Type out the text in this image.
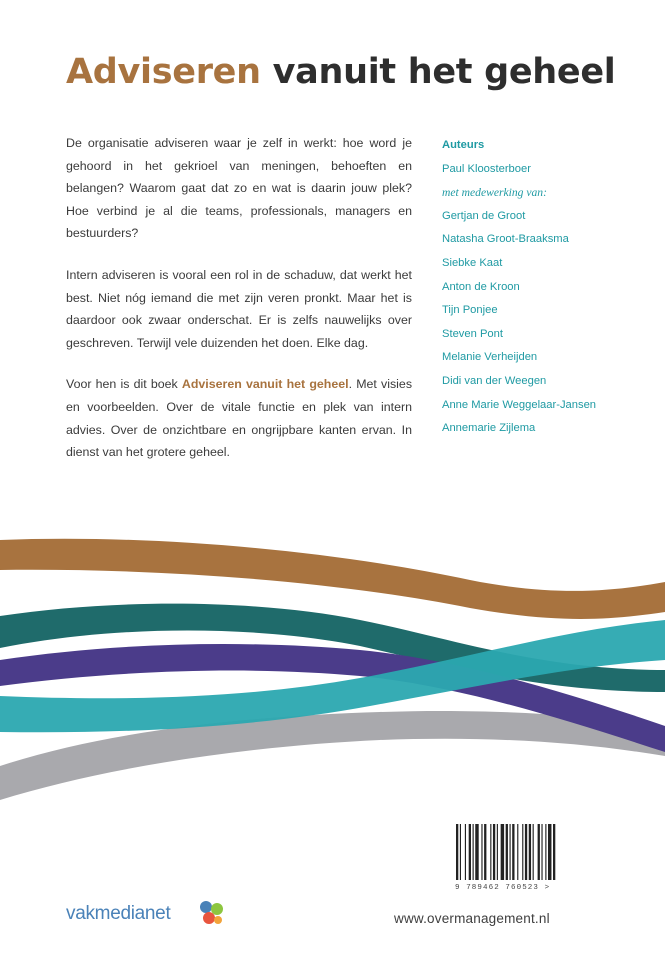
Adviseren vanuit het geheel

De organisatie adviseren waar je zelf in werkt: hoe word je gehoord in het gekrioel van meningen, behoeften en belangen? Waarom gaat dat zo en wat is daarin jouw plek? Hoe verbind je al die teams, professionals, managers en bestuurders?

Intern adviseren is vooral een rol in de schaduw, dat werkt het best. Niet nóg iemand die met zijn veren pronkt. Maar het is daardoor ook zwaar onderschat. Er is zelfs nauwelijks over geschreven. Terwijl vele duizenden het doen. Elke dag.

Voor hen is dit boek Adviseren vanuit het geheel. Met visies en voorbeelden. Over de vitale functie en plek van intern advies. Over de onzichtbare en ongrijpbare kanten ervan. In dienst van het grotere geheel.

Auteurs
Paul Kloosterboer
met medewerking van:
Gertjan de Groot
Natasha Groot-Braaksma
Siebke Kaat
Anton de Kroon
Tijn Ponjee
Steven Pont
Melanie Verheijden
Didi van der Weegen
Anne Marie Weggelaar-Jansen
Annemarie Zijlema
9 789462 760523 >
vakmedianet	www.overmanagement.nl
